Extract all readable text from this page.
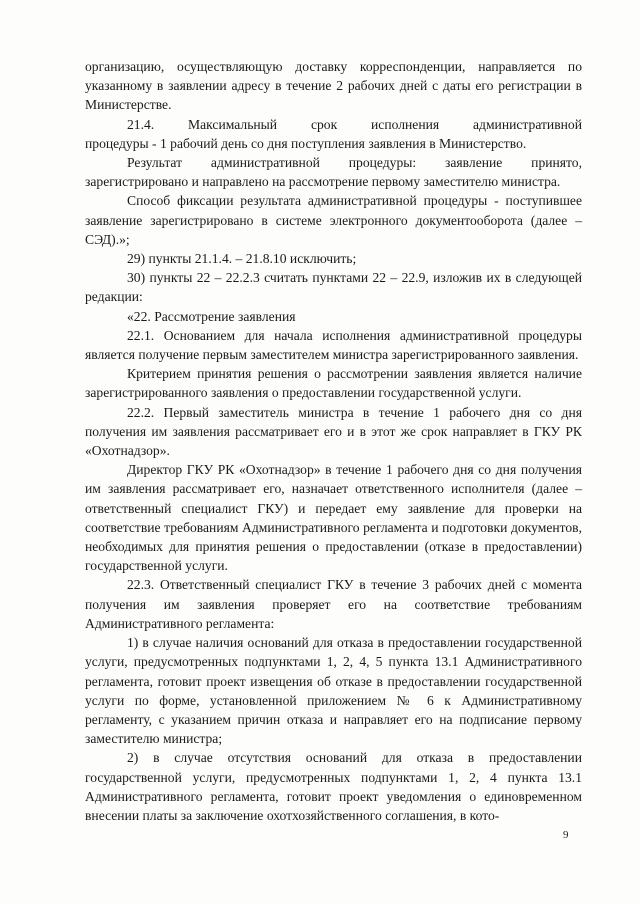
организацию, осуществляющую доставку корреспонденции, направляется по указанному в заявлении адресу в течение 2 рабочих дней с даты его регистрации в Министерстве.

21.4. Максимальный срок исполнения административной

процедуры - 1 рабочий день со дня поступления заявления в Министерство.

Результат административной процедуры: заявление принято, зарегистрировано и направлено на рассмотрение первому заместителю министра.

Способ фиксации результата административной процедуры - поступившее заявление зарегистрировано в системе электронного документооборота (далее – СЭД).»;

29) пункты 21.1.4. – 21.8.10 исключить;

30) пункты 22 – 22.2.3 считать пунктами 22 – 22.9, изложив их в следующей редакции:

«22. Рассмотрение заявления

22.1. Основанием для начала исполнения административной процедуры является получение первым заместителем министра зарегистрированного заявления.

Критерием принятия решения о рассмотрении заявления является наличие зарегистрированного заявления о предоставлении государственной услуги.

22.2. Первый заместитель министра в течение 1 рабочего дня со дня получения им заявления рассматривает его и в этот же срок направляет в ГКУ РК «Охотнадзор».

Директор ГКУ РК «Охотнадзор» в течение 1 рабочего дня со дня получения им заявления рассматривает его, назначает ответственного исполнителя (далее – ответственный специалист ГКУ) и передает ему заявление для проверки на соответствие требованиям Административного регламента и подготовки документов, необходимых для принятия решения о предоставлении (отказе в предоставлении) государственной услуги.

22.3. Ответственный специалист ГКУ в течение 3 рабочих дней с момента получения им заявления проверяет его на соответствие требованиям Административного регламента:

1) в случае наличия оснований для отказа в предоставлении государственной услуги, предусмотренных подпунктами 1, 2, 4, 5 пункта 13.1 Административного регламента, готовит проект извещения об отказе в предоставлении государственной услуги по форме, установленной приложением № 6 к Административному регламенту, с указанием причин отказа и направляет его на подписание первому заместителю министра;

2) в случае отсутствия оснований для отказа в предоставлении государственной услуги, предусмотренных подпунктами 1, 2, 4 пункта 13.1 Административного регламента, готовит проект уведомления о единовременном внесении платы за заключение охотхозяйственного соглашения, в кото-

9
